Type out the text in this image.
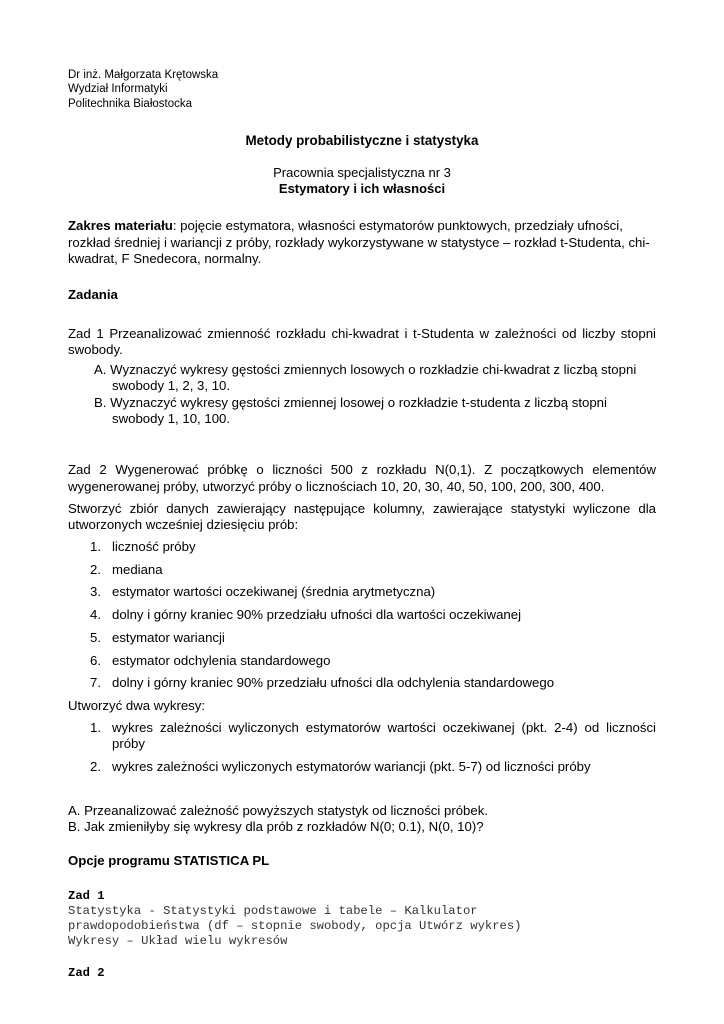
Dr inż. Małgorzata Krętowska
Wydział Informatyki
Politechnika Białostocka
Metody probabilistyczne i statystyka
Pracownia specjalistyczna nr 3
Estymatory i ich własności

Zakres materiału: pojęcie estymatora, własności estymatorów punktowych, przedziały ufności, rozkład średniej i wariancji z próby, rozkłady wykorzystywane w statystyce – rozkład t-Studenta, chi-kwadrat, F Snedecora, normalny.

Zadania

Zad 1 Przeanalizować zmienność rozkładu chi-kwadrat i t-Studenta w zależności od liczby stopni swobody.

A. Wyznaczyć wykresy gęstości zmiennych losowych o rozkładzie chi-kwadrat z liczbą stopni swobody 1, 2, 3, 10.
B. Wyznaczyć wykresy gęstości zmiennej losowej o rozkładzie t-studenta z liczbą stopni swobody 1, 10, 100.

Zad 2 Wygenerować próbkę o liczności 500 z rozkładu N(0,1). Z początkowych elementów wygenerowanej próby, utworzyć próby o licznościach 10, 20, 30, 40, 50, 100, 200, 300, 400.

Stworzyć zbiór danych zawierający następujące kolumny, zawierające statystyki wyliczone dla utworzonych wcześniej dziesięciu prób:

1. liczność próby
2. mediana
3. estymator wartości oczekiwanej (średnia arytmetyczna)
4. dolny i górny kraniec 90% przedziału ufności dla wartości oczekiwanej
5. estymator wariancji
6. estymator odchylenia standardowego
7. dolny i górny kraniec 90% przedziału ufności dla odchylenia standardowego

Utworzyć dwa wykresy:

1. wykres zależności wyliczonych estymatorów wartości oczekiwanej (pkt. 2-4) od liczności próby
2. wykres zależności wyliczonych estymatorów wariancji (pkt. 5-7) od liczności próby

A. Przeanalizować zależność powyższych statystyk od liczności próbek.

B. Jak zmieniłyby się wykresy dla prób z rozkładów N(0; 0.1), N(0, 10)?

Opcje programu STATISTICA PL

Zad 1
Statystyka - Statystyki podstawowe i tabele – Kalkulator
prawdopodobieństwa (df – stopnie swobody, opcja Utwórz wykres)
Wykresy – Układ wielu wykresów
Zad 2
